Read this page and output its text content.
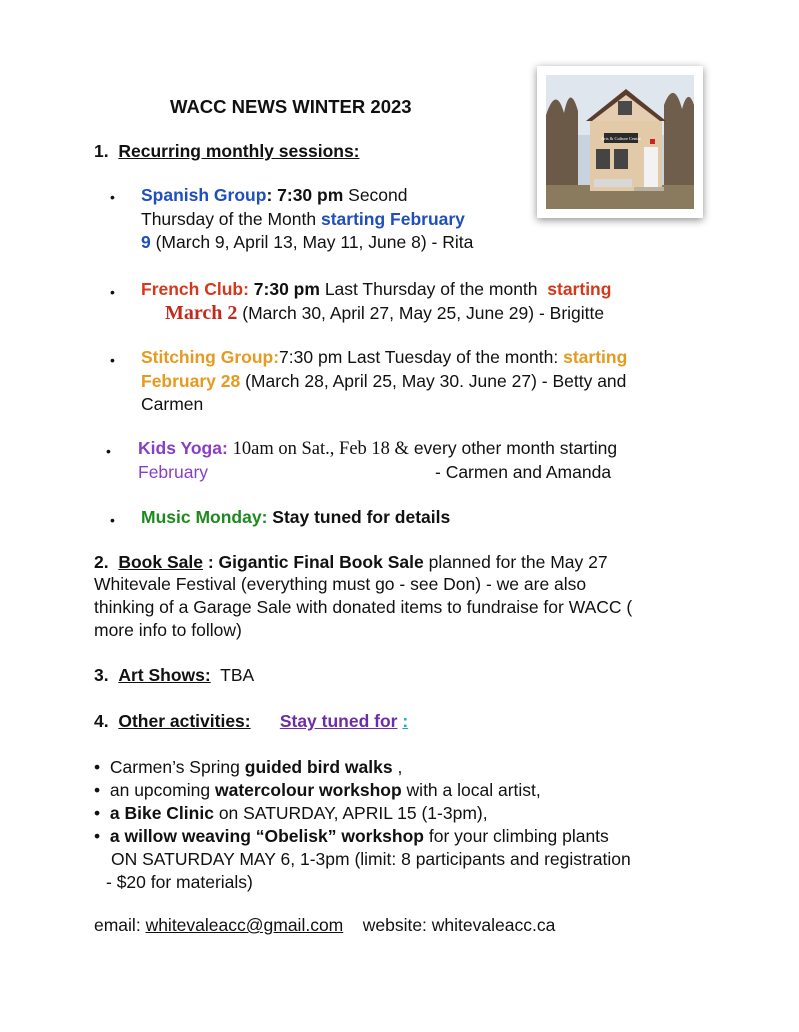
Arts & Culture Centre
WACC NEWS WINTER 2023
1. Recurring monthly sessions:
• Spanish Group: 7:30 pm Second
Thursday of the Month starting February
9 (March 9, April 13, May 11, June 8) - Rita
• French Club: 7:30 pm Last Thursday of the month starting
March 2 (March 30, April 27, May 25, June 29) - Brigitte
• Stitching Group:7:30 pm Last Tuesday of the month: starting
February 28 (March 28, April 25, May 30. June 27) - Betty and
Carmen
• Kids Yoga: 10am on Sat., Feb 18 & every other month starting
February	- Carmen and Amanda
• Music Monday: Stay tuned for details
2. Book Sale : Gigantic Final Book Sale planned for the May 27
Whitevale Festival (everything must go - see Don) - we are also
thinking of a Garage Sale with donated items to fundraise for WACC (
more info to follow)
3. Art Shows: TBA
4. Other activities: Stay tuned for :
• Carmen’s Spring guided bird walks ,
• an upcoming watercolour workshop with a local artist,
• a Bike Clinic on SATURDAY, APRIL 15 (1-3pm),
• a willow weaving “Obelisk” workshop for your climbing plants
ON SATURDAY MAY 6, 1-3pm (limit: 8 participants and registration
- $20 for materials)
email: whitevaleacc@gmail.com website: whitevaleacc.ca
